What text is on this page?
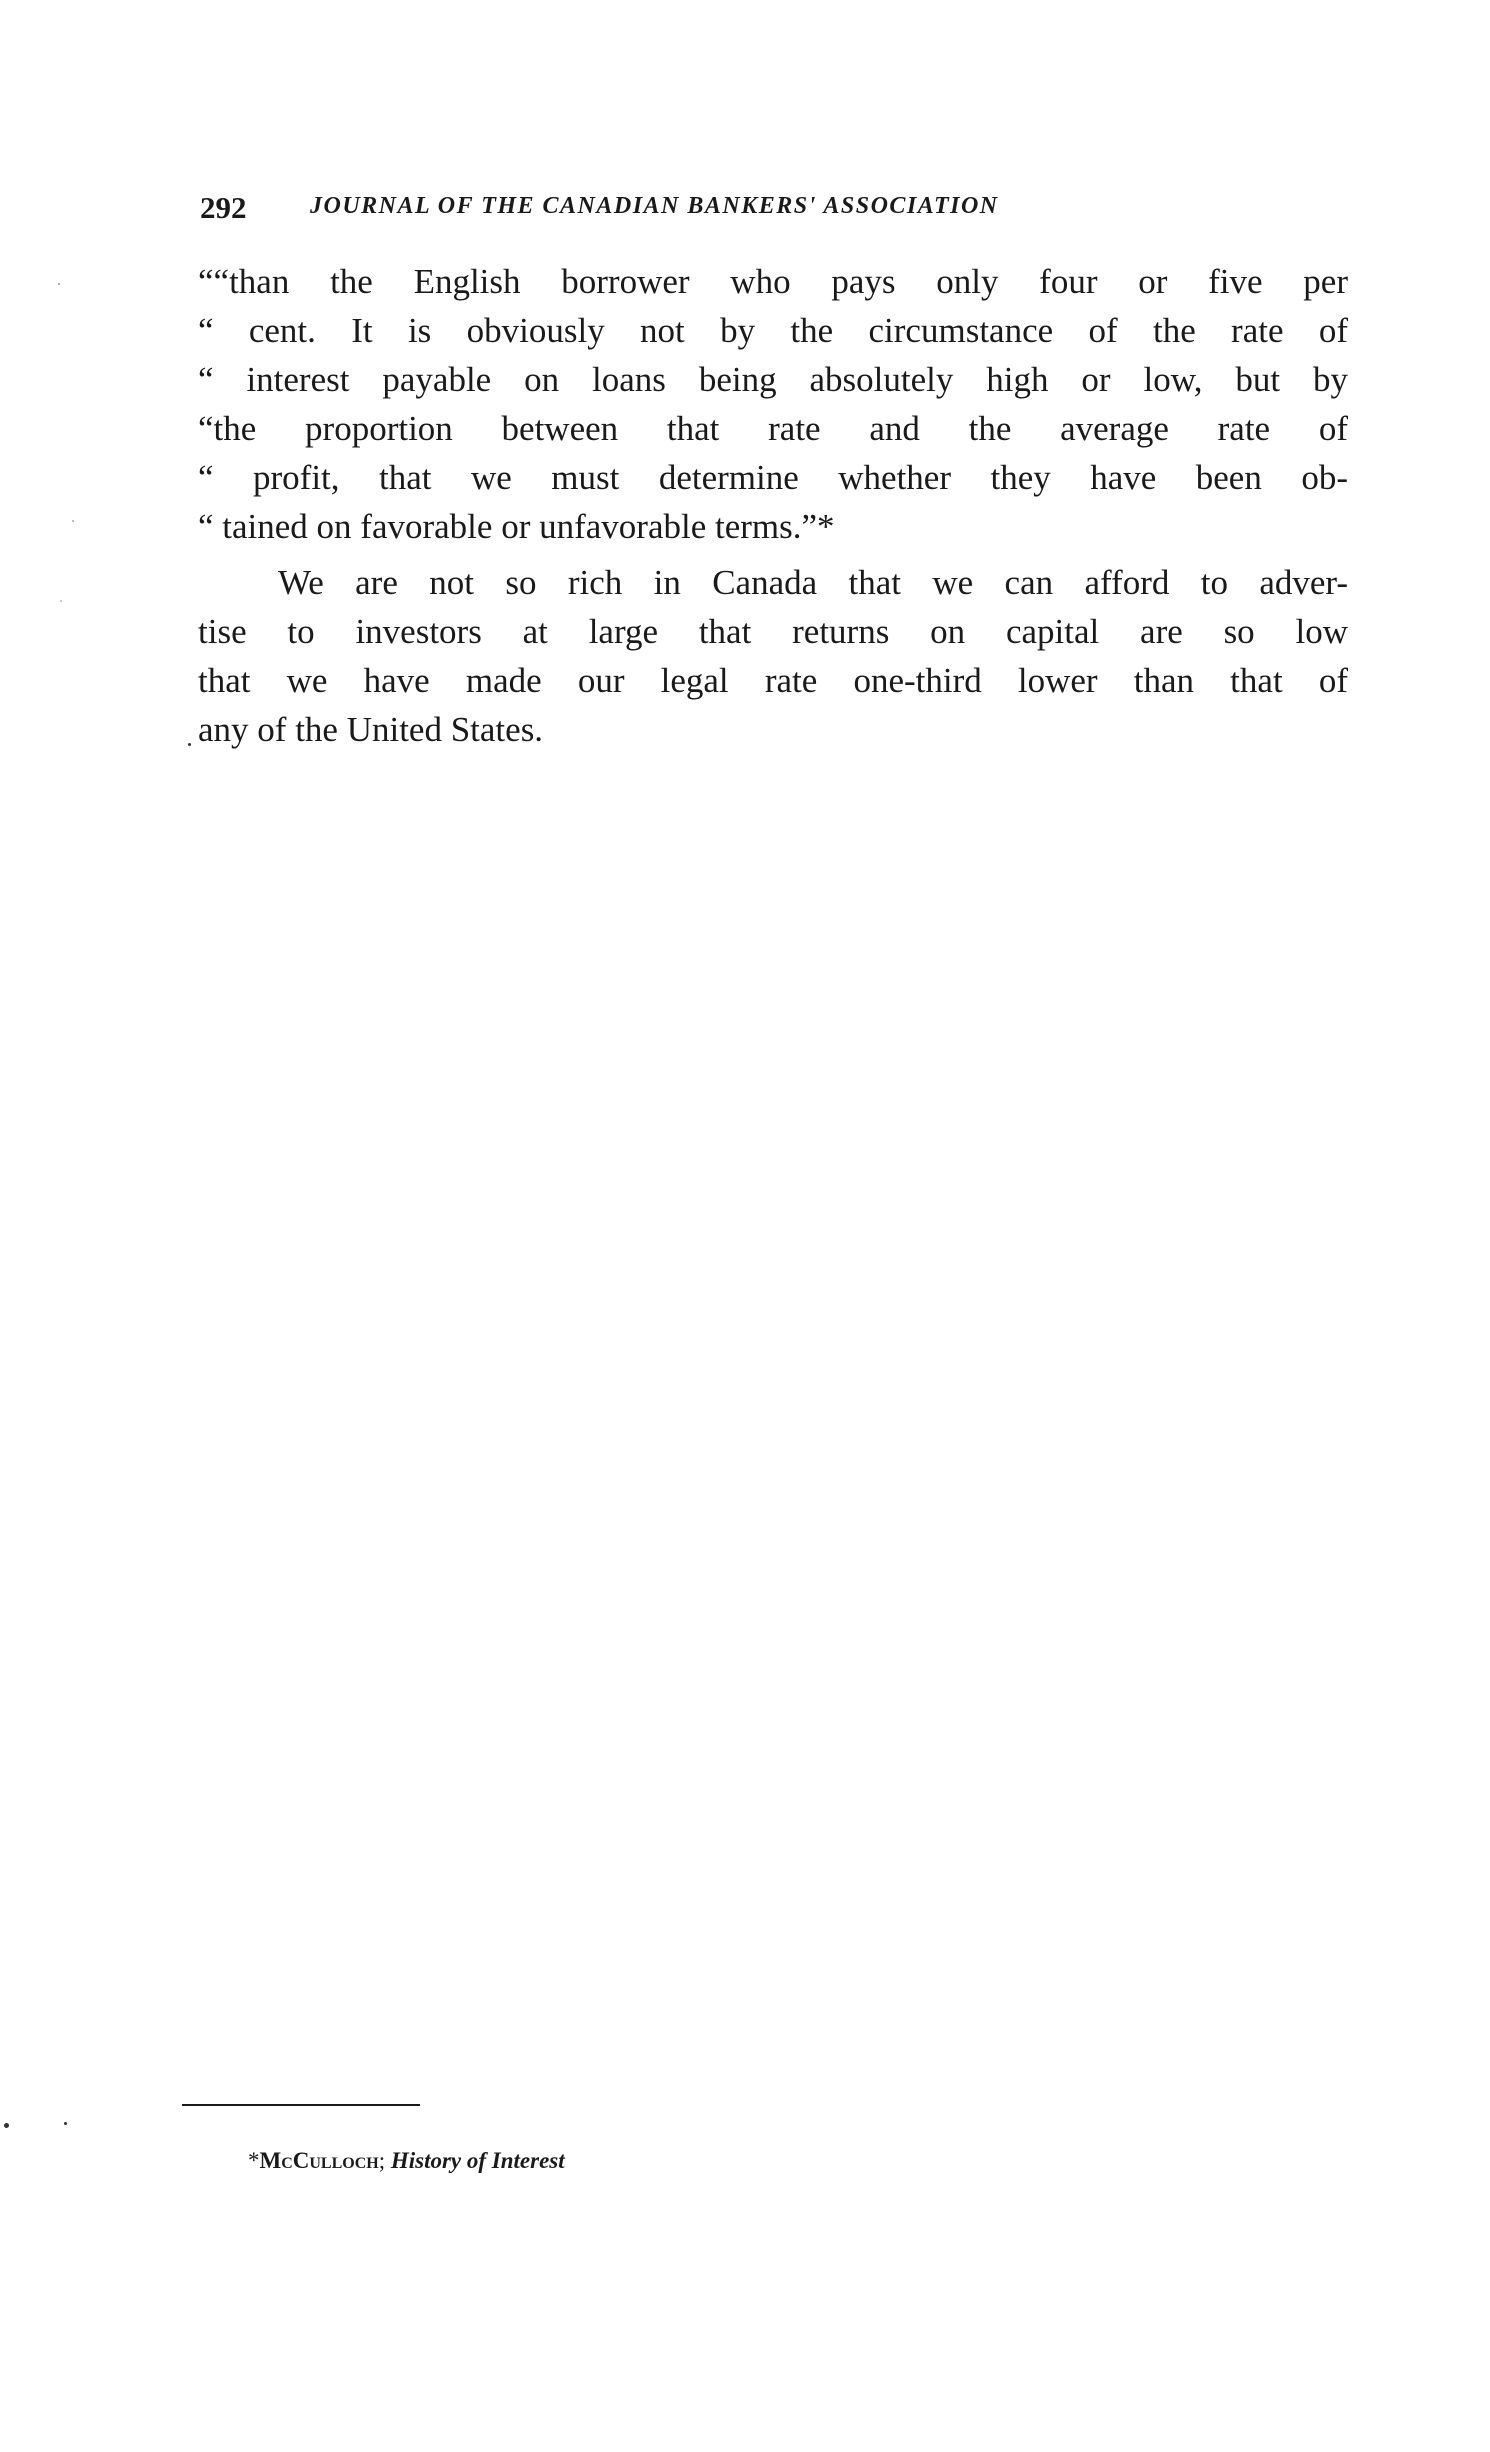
292	JOURNAL OF THE CANADIAN BANKERS' ASSOCIATION
““than the English borrower who pays only four or five per
“ cent. It is obviously not by the circumstance of the rate of
“ interest payable on loans being absolutely high or low, but by
“the proportion between that rate and the average rate of
“ profit, that we must determine whether they have been ob-
“ tained on favorable or unfavorable terms.”*
We are not so rich in Canada that we can afford to adver-
tise to investors at large that returns on capital are so low
that we have made our legal rate one-third lower than that of
any of the United States.
*McCulloch; History of Interest
